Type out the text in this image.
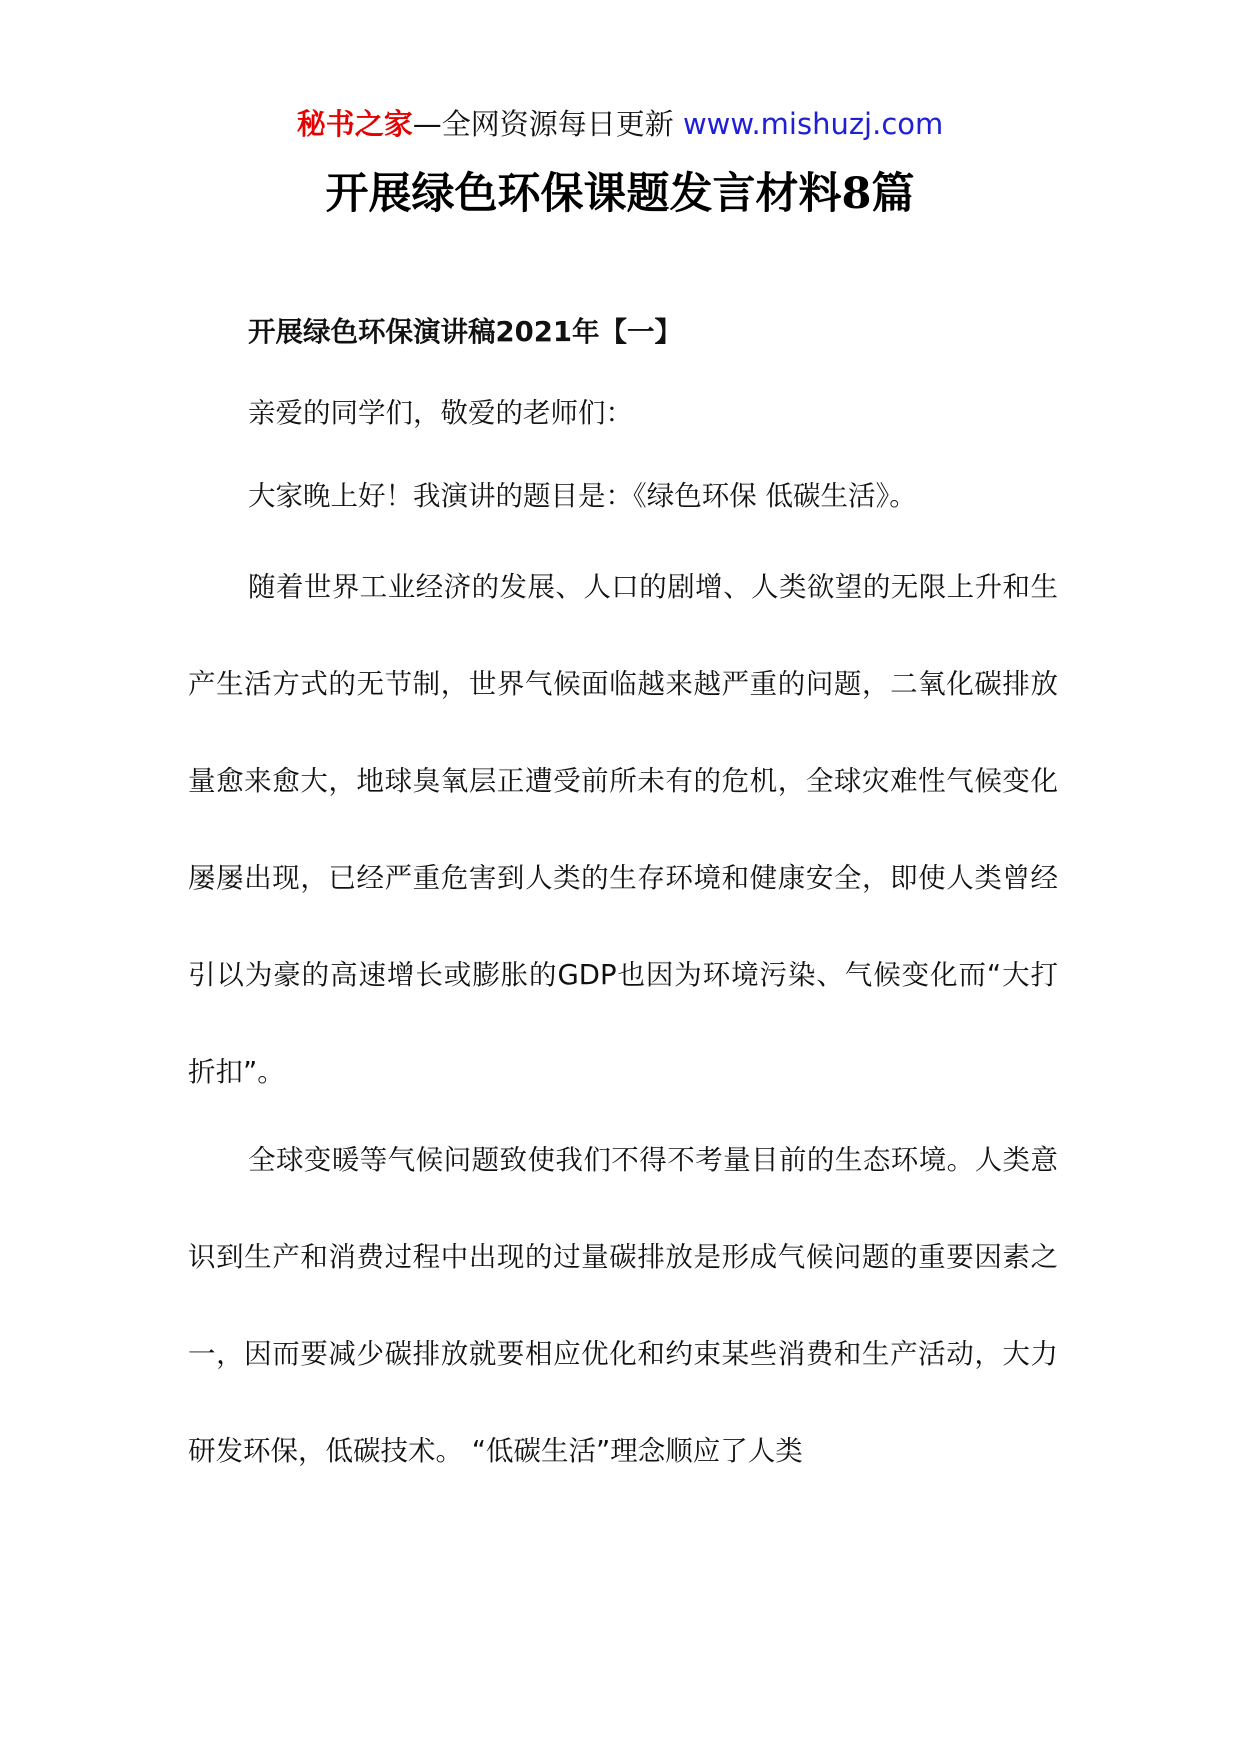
秘书之家—全网资源每日更新 www.mishuzj.com
开展绿色环保课题发言材料8篇
开展绿色环保演讲稿2021年【一】
亲爱的同学们，敬爱的老师们：
大家晚上好！我演讲的题目是：《绿色环保 低碳生活》。
随着世界工业经济的发展、人口的剧增、人类欲望的无限上升和生产生活方式的无节制，世界气候面临越来越严重的问题，二氧化碳排放量愈来愈大，地球臭氧层正遭受前所未有的危机，全球灾难性气候变化屡屡出现，已经严重危害到人类的生存环境和健康安全，即使人类曾经引以为豪的高速增长或膨胀的GDP也因为环境污染、气候变化而“大打折扣”。
全球变暖等气候问题致使我们不得不考量目前的生态环境。人类意识到生产和消费过程中出现的过量碳排放是形成气候问题的重要因素之一，因而要减少碳排放就要相应优化和约束某些消费和生产活动，大力研发环保，低碳技术。 “低碳生活”理念顺应了人类
